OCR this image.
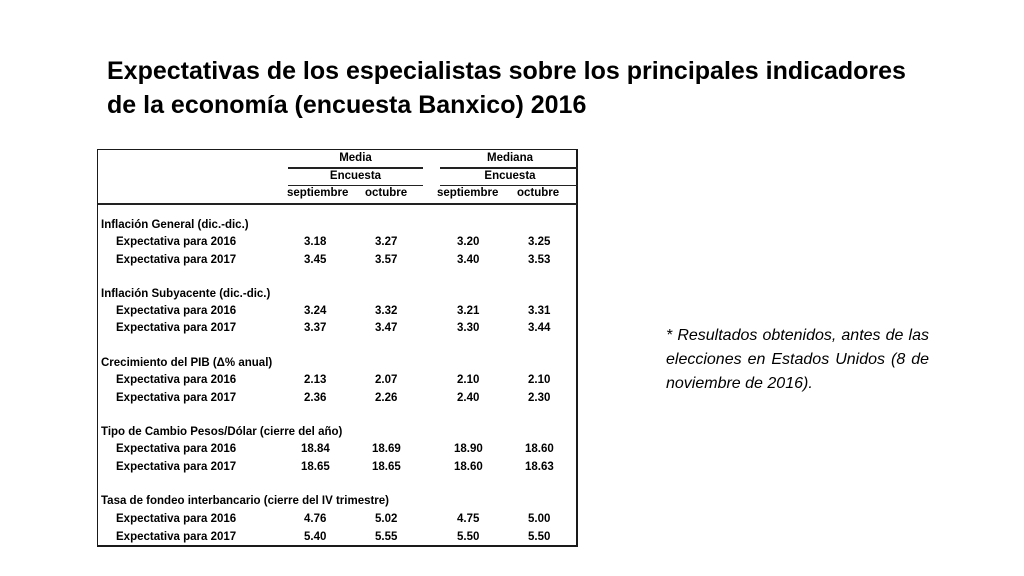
Expectativas de los especialistas sobre los principales indicadores
de la economía (encuesta Banxico) 2016
Media	Mediana
Encuesta	Encuesta
septiembre octubre	septiembre octubre
Inflación General (dic.-dic.)
Expectativa para 2016	3.18	3.27	3.20	3.25
Expectativa para 2017	3.45	3.57	3.40	3.53
Inflación Subyacente (dic.-dic.)
Expectativa para 2016	3.24	3.32	3.21	3.31
Expectativa para 2017	3.37	3.47	3.30	3.44
Crecimiento del PIB (Δ% anual)
Expectativa para 2016	2.13	2.07	2.10	2.10
Expectativa para 2017	2.36	2.26	2.40	2.30
Tipo de Cambio Pesos/Dólar (cierre del año)
Expectativa para 2016	18.84	18.69	18.90	18.60
Expectativa para 2017	18.65	18.65	18.60	18.63
Tasa de fondeo interbancario (cierre del IV trimestre)
Expectativa para 2016	4.76	5.02	4.75	5.00
Expectativa para 2017	5.40	5.55	5.50	5.50
* Resultados obtenidos, antes de las elecciones en Estados Unidos (8 de noviembre de 2016).
